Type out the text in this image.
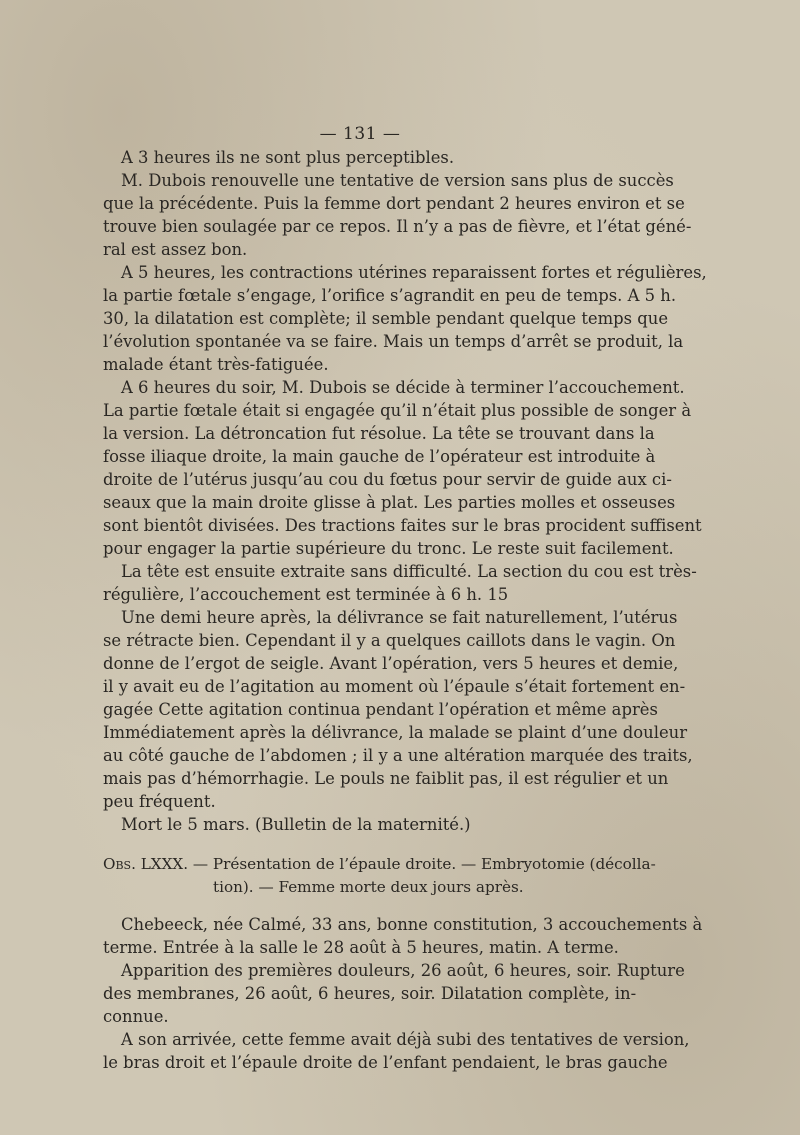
— 131 —
A 3 heures ils ne sont plus perceptibles.
M. Dubois renouvelle une tentative de version sans plus de succès
que la précédente. Puis la femme dort pendant 2 heures environ et se
trouve bien soulagée par ce repos. Il n’y a pas de fièvre, et l’état géné-
ral est assez bon.
A 5 heures, les contractions utérines reparaissent fortes et régulières,
la partie fœtale s’engage, l’orifice s’agrandit en peu de temps. A 5 h.
30, la dilatation est complète; il semble pendant quelque temps que
l’évolution spontanée va se faire. Mais un temps d’arrêt se produit, la
malade étant très-fatiguée.
A 6 heures du soir, M. Dubois se décide à terminer l’accouchement.
La partie fœtale était si engagée qu’il n’était plus possible de songer à
la version. La détroncation fut résolue. La tête se trouvant dans la
fosse iliaque droite, la main gauche de l’opérateur est introduite à
droite de l’utérus jusqu’au cou du fœtus pour servir de guide aux ci-
seaux que la main droite glisse à plat. Les parties molles et osseuses
sont bientôt divisées. Des tractions faites sur le bras procident suffisent
pour engager la partie supérieure du tronc. Le reste suit facilement.
La tête est ensuite extraite sans difficulté. La section du cou est très-
régulière, l’accouchement est terminée à 6 h. 15
Une demi heure après, la délivrance se fait naturellement, l’utérus
se rétracte bien. Cependant il y a quelques caillots dans le vagin. On
donne de l’ergot de seigle. Avant l’opération, vers 5 heures et demie,
il y avait eu de l’agitation au moment où l’épaule s’était fortement en-
gagée Cette agitation continua pendant l’opération et même après
Immédiatement après la délivrance, la malade se plaint d’une douleur
au côté gauche de l’abdomen ; il y a une altération marquée des traits,
mais pas d’hémorrhagie. Le pouls ne faiblit pas, il est régulier et un
peu fréquent.
Mort le 5 mars. (Bulletin de la maternité.)
Obs. LXXX. — Présentation de l’épaule droite. — Embryotomie (décolla-
tion). — Femme morte deux jours après.
Chebeeck, née Calmé, 33 ans, bonne constitution, 3 accouchements à
terme. Entrée à la salle le 28 août à 5 heures, matin. A terme.
Apparition des premières douleurs, 26 août, 6 heures, soir. Rupture
des membranes, 26 août, 6 heures, soir. Dilatation complète, in-
connue.
A son arrivée, cette femme avait déjà subi des tentatives de version,
le bras droit et l’épaule droite de l’enfant pendaient, le bras gauche
